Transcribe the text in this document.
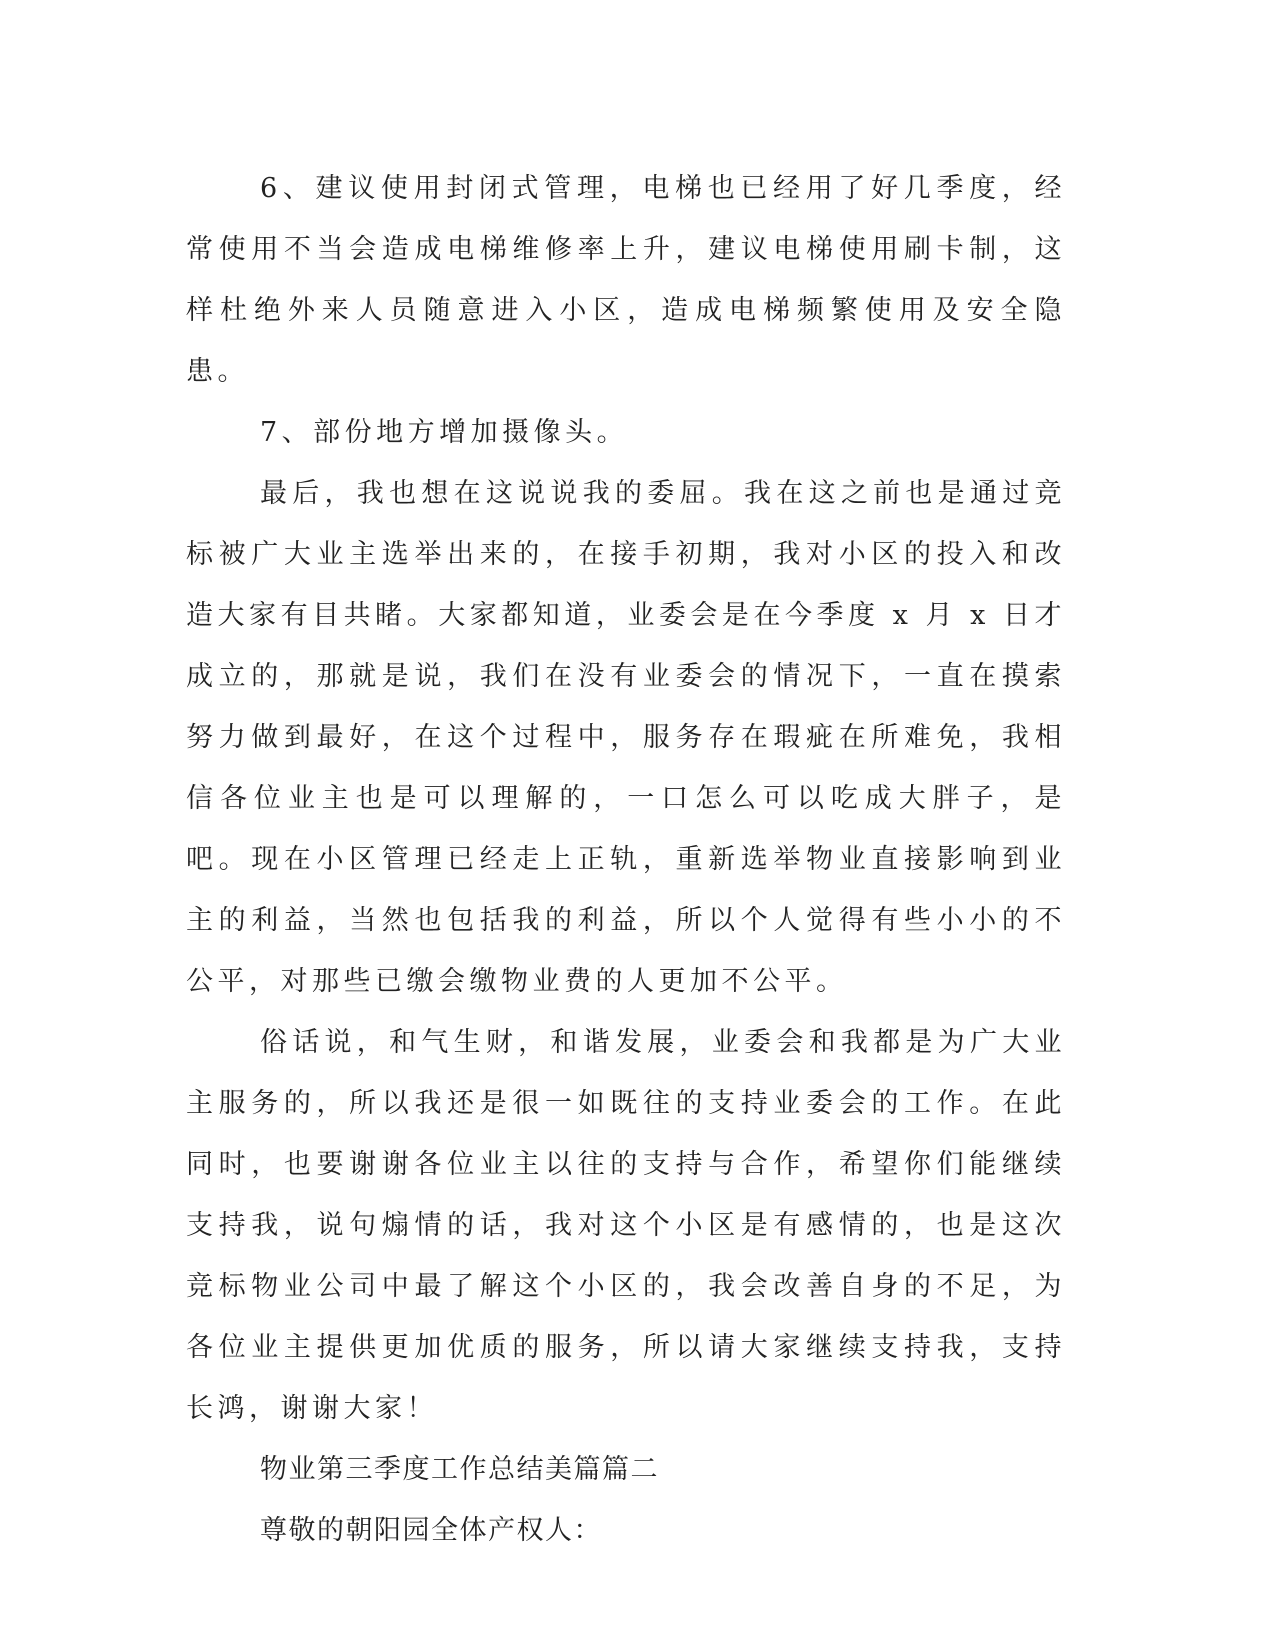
6、建议使用封闭式管理，电梯也已经用了好几季度，经常使用不当会造成电梯维修率上升，建议电梯使用刷卡制，这样杜绝外来人员随意进入小区，造成电梯频繁使用及安全隐患。

7、部份地方增加摄像头。

最后，我也想在这说说我的委屈。我在这之前也是通过竞标被广大业主选举出来的，在接手初期，我对小区的投入和改造大家有目共睹。大家都知道，业委会是在今季度 x 月 x 日才成立的，那就是说，我们在没有业委会的情况下，一直在摸索努力做到最好，在这个过程中，服务存在瑕疵在所难免，我相信各位业主也是可以理解的，一口怎么可以吃成大胖子，是吧。现在小区管理已经走上正轨，重新选举物业直接影响到业主的利益，当然也包括我的利益，所以个人觉得有些小小的不公平，对那些已缴会缴物业费的人更加不公平。

俗话说，和气生财，和谐发展，业委会和我都是为广大业主服务的，所以我还是很一如既往的支持业委会的工作。在此同时，也要谢谢各位业主以往的支持与合作，希望你们能继续支持我，说句煽情的话，我对这个小区是有感情的，也是这次竞标物业公司中最了解这个小区的，我会改善自身的不足，为各位业主提供更加优质的服务，所以请大家继续支持我，支持长鸿，谢谢大家！

物业第三季度工作总结美篇篇二

尊敬的朝阳园全体产权人：
